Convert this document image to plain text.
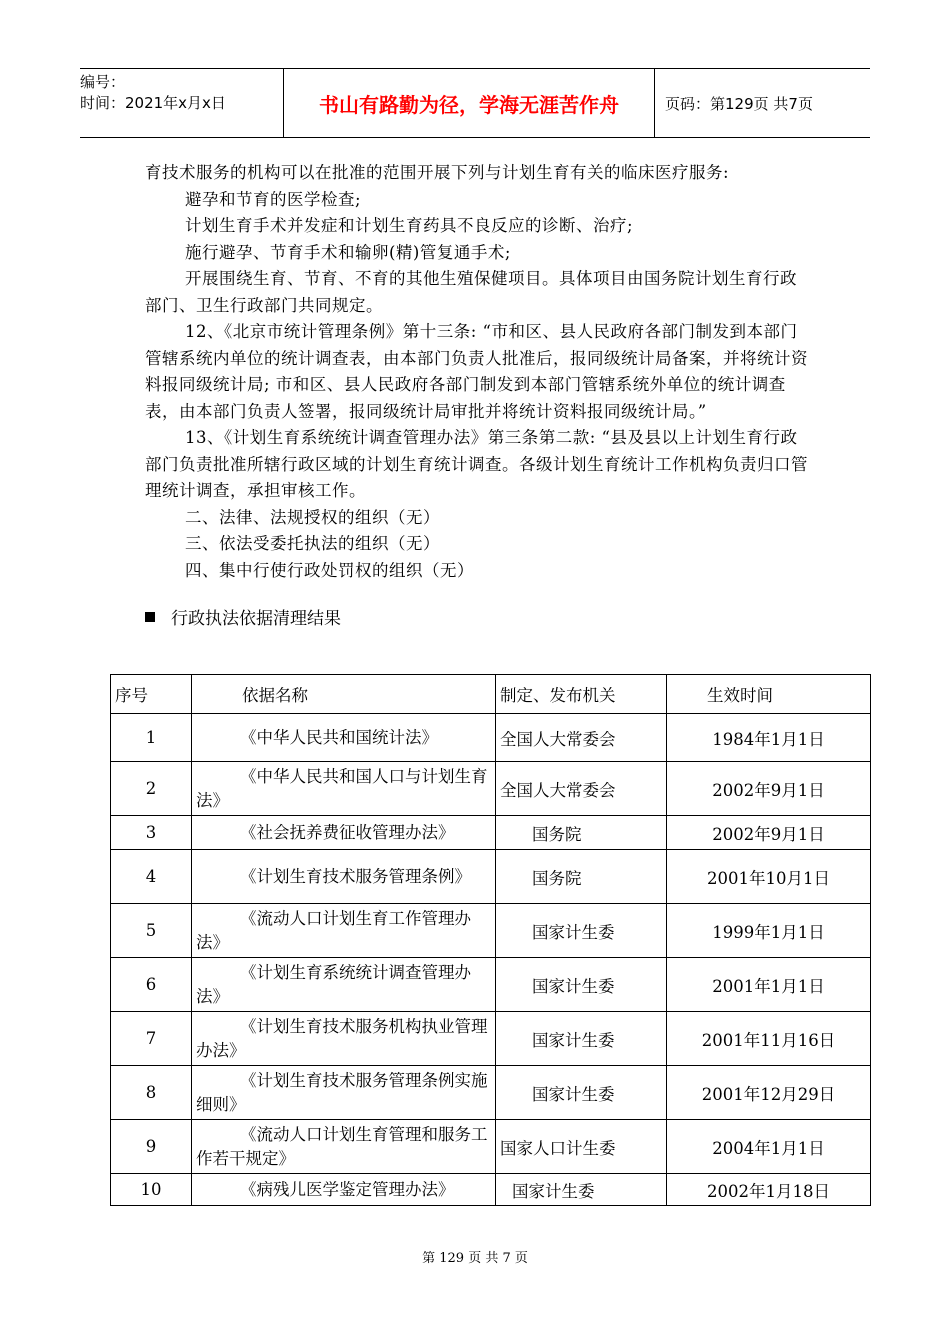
编号：
时间：2021年x月x日	书山有路勤为径，学海无涯苦作舟	页码：第129页 共7页

育技术服务的机构可以在批准的范围开展下列与计划生育有关的临床医疗服务:

避孕和节育的医学检查;

计划生育手术并发症和计划生育药具不良反应的诊断、治疗;

施行避孕、节育手术和输卵(精)管复通手术;

开展围绕生育、节育、不育的其他生殖保健项目。具体项目由国务院计划生育行政部门、卫生行政部门共同规定。

12、《北京市统计管理条例》第十三条: “市和区、县人民政府各部门制发到本部门管辖系统内单位的统计调查表，由本部门负责人批准后，报同级统计局备案，并将统计资料报同级统计局; 市和区、县人民政府各部门制发到本部门管辖系统外单位的统计调查表，由本部门负责人签署，报同级统计局审批并将统计资料报同级统计局。”

13、《计划生育系统统计调查管理办法》第三条第二款: “县及县以上计划生育行政部门负责批准所辖行政区域的计划生育统计调查。各级计划生育统计工作机构负责归口管理统计调查，承担审核工作。

二、法律、法规授权的组织（无）

三、依法受委托执法的组织（无）

四、集中行使行政处罚权的组织（无）

行政执法依据清理结果
序号	依据名称	制定、发布机关	生效时间
1	《中华人民共和国统计法》	全国人大常委会	1984年1月1日
2	《中华人民共和国人口与计划生育法》	全国人大常委会	2002年9月1日
3	《社会抚养费征收管理办法》	国务院	2002年9月1日
4	《计划生育技术服务管理条例》	国务院	2001年10月1日
5	《流动人口计划生育工作管理办法》	国家计生委	1999年1月1日
6	《计划生育系统统计调查管理办法》	国家计生委	2001年1月1日
7	《计划生育技术服务机构执业管理办法》	国家计生委	2001年11月16日
8	《计划生育技术服务管理条例实施细则》	国家计生委	2001年12月29日
9	《流动人口计划生育管理和服务工作若干规定》	国家人口计生委	2004年1月1日
10	《病残儿医学鉴定管理办法》	国家计生委	2002年1月18日
第 129 页 共 7 页
